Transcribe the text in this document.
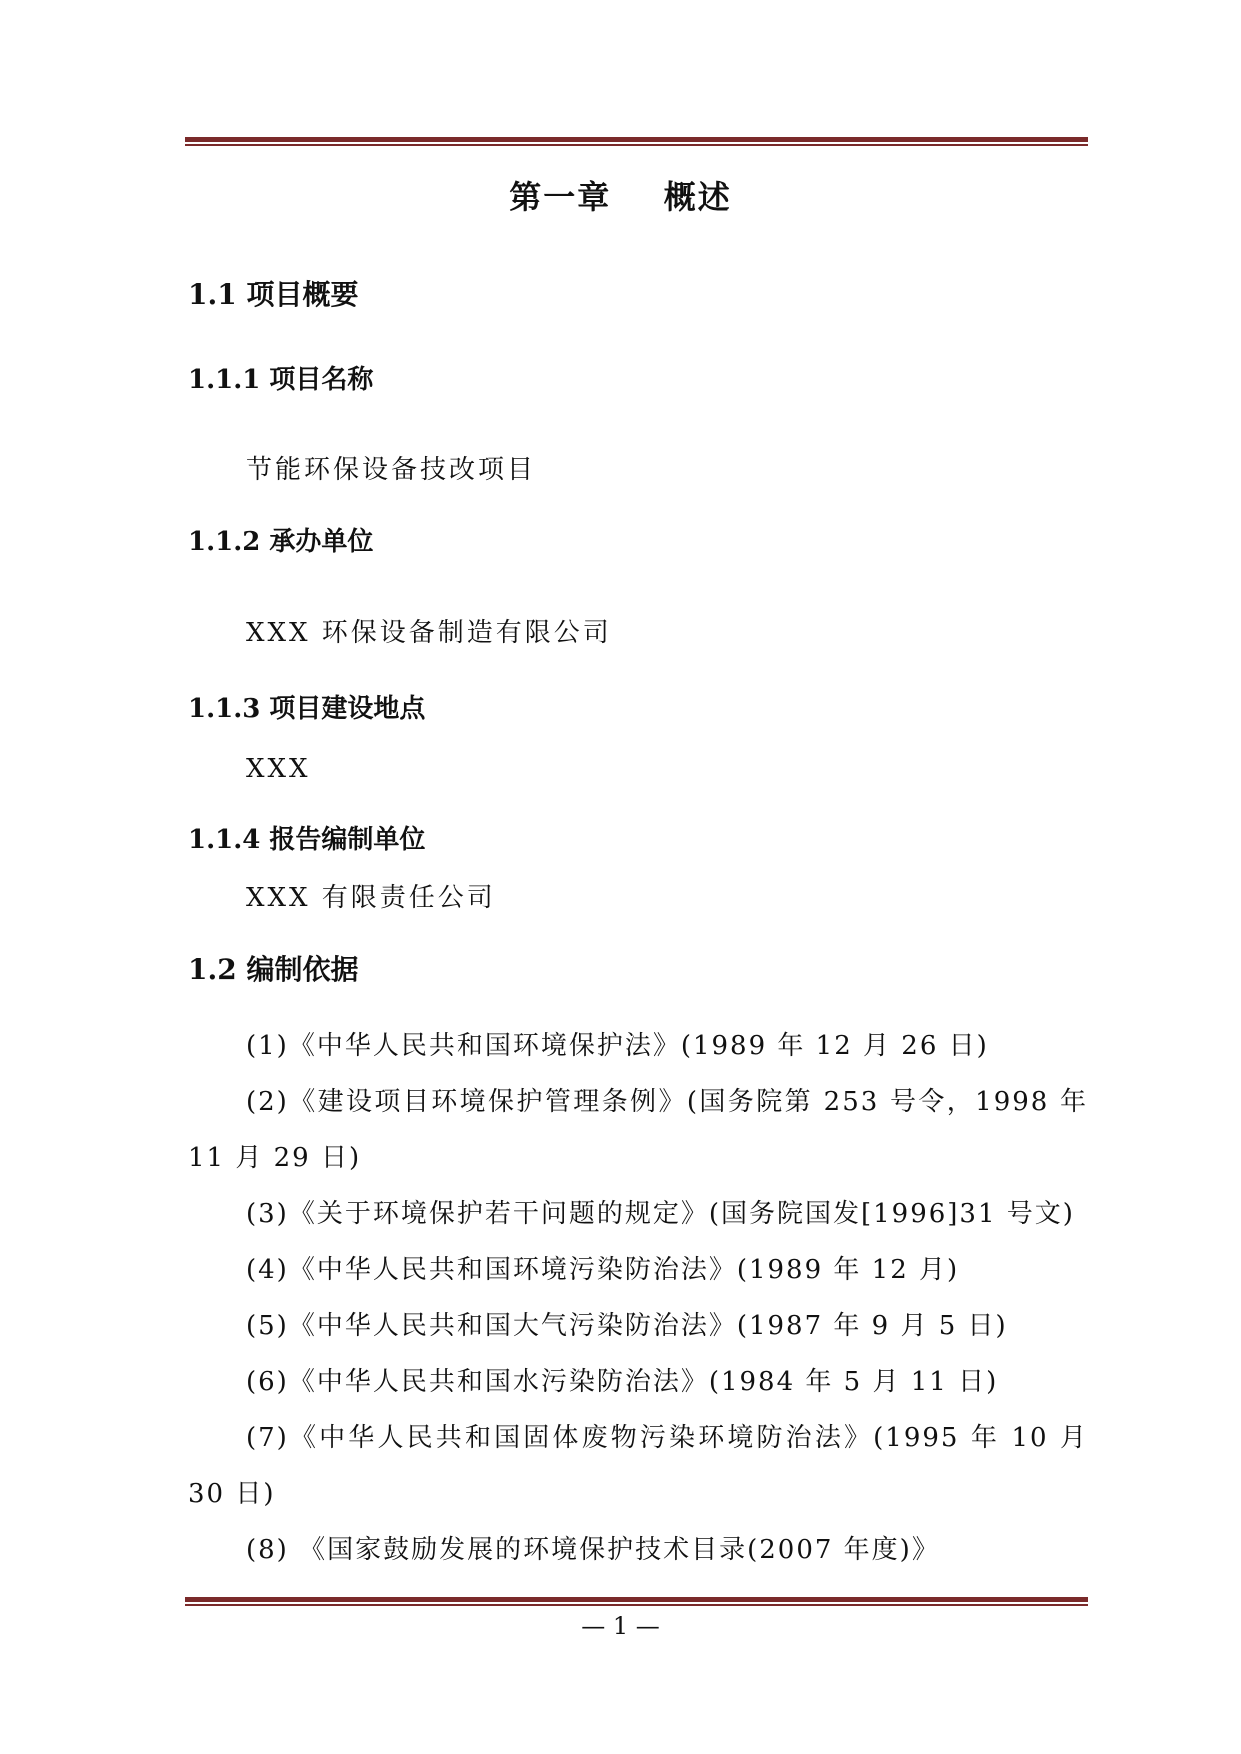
第一章    概述
1.1 项目概要
1.1.1 项目名称
节能环保设备技改项目
1.1.2 承办单位
XXX 环保设备制造有限公司
1.1.3 项目建设地点
XXX
1.1.4 报告编制单位
XXX 有限责任公司
1.2 编制依据
(1)《中华人民共和国环境保护法》(1989 年 12 月 26 日)
(2)《建设项目环境保护管理条例》(国务院第 253 号令，1998 年 11 月 29 日)
(3)《关于环境保护若干问题的规定》(国务院国发[1996]31 号文)
(4)《中华人民共和国环境污染防治法》(1989 年 12 月)
(5)《中华人民共和国大气污染防治法》(1987 年 9 月 5 日)
(6)《中华人民共和国水污染防治法》(1984 年 5 月 11 日)
(7)《中华人民共和国固体废物污染环境防治法》(1995 年 10 月 30 日)
(8) 《国家鼓励发展的环境保护技术目录(2007 年度)》
— 1 —
